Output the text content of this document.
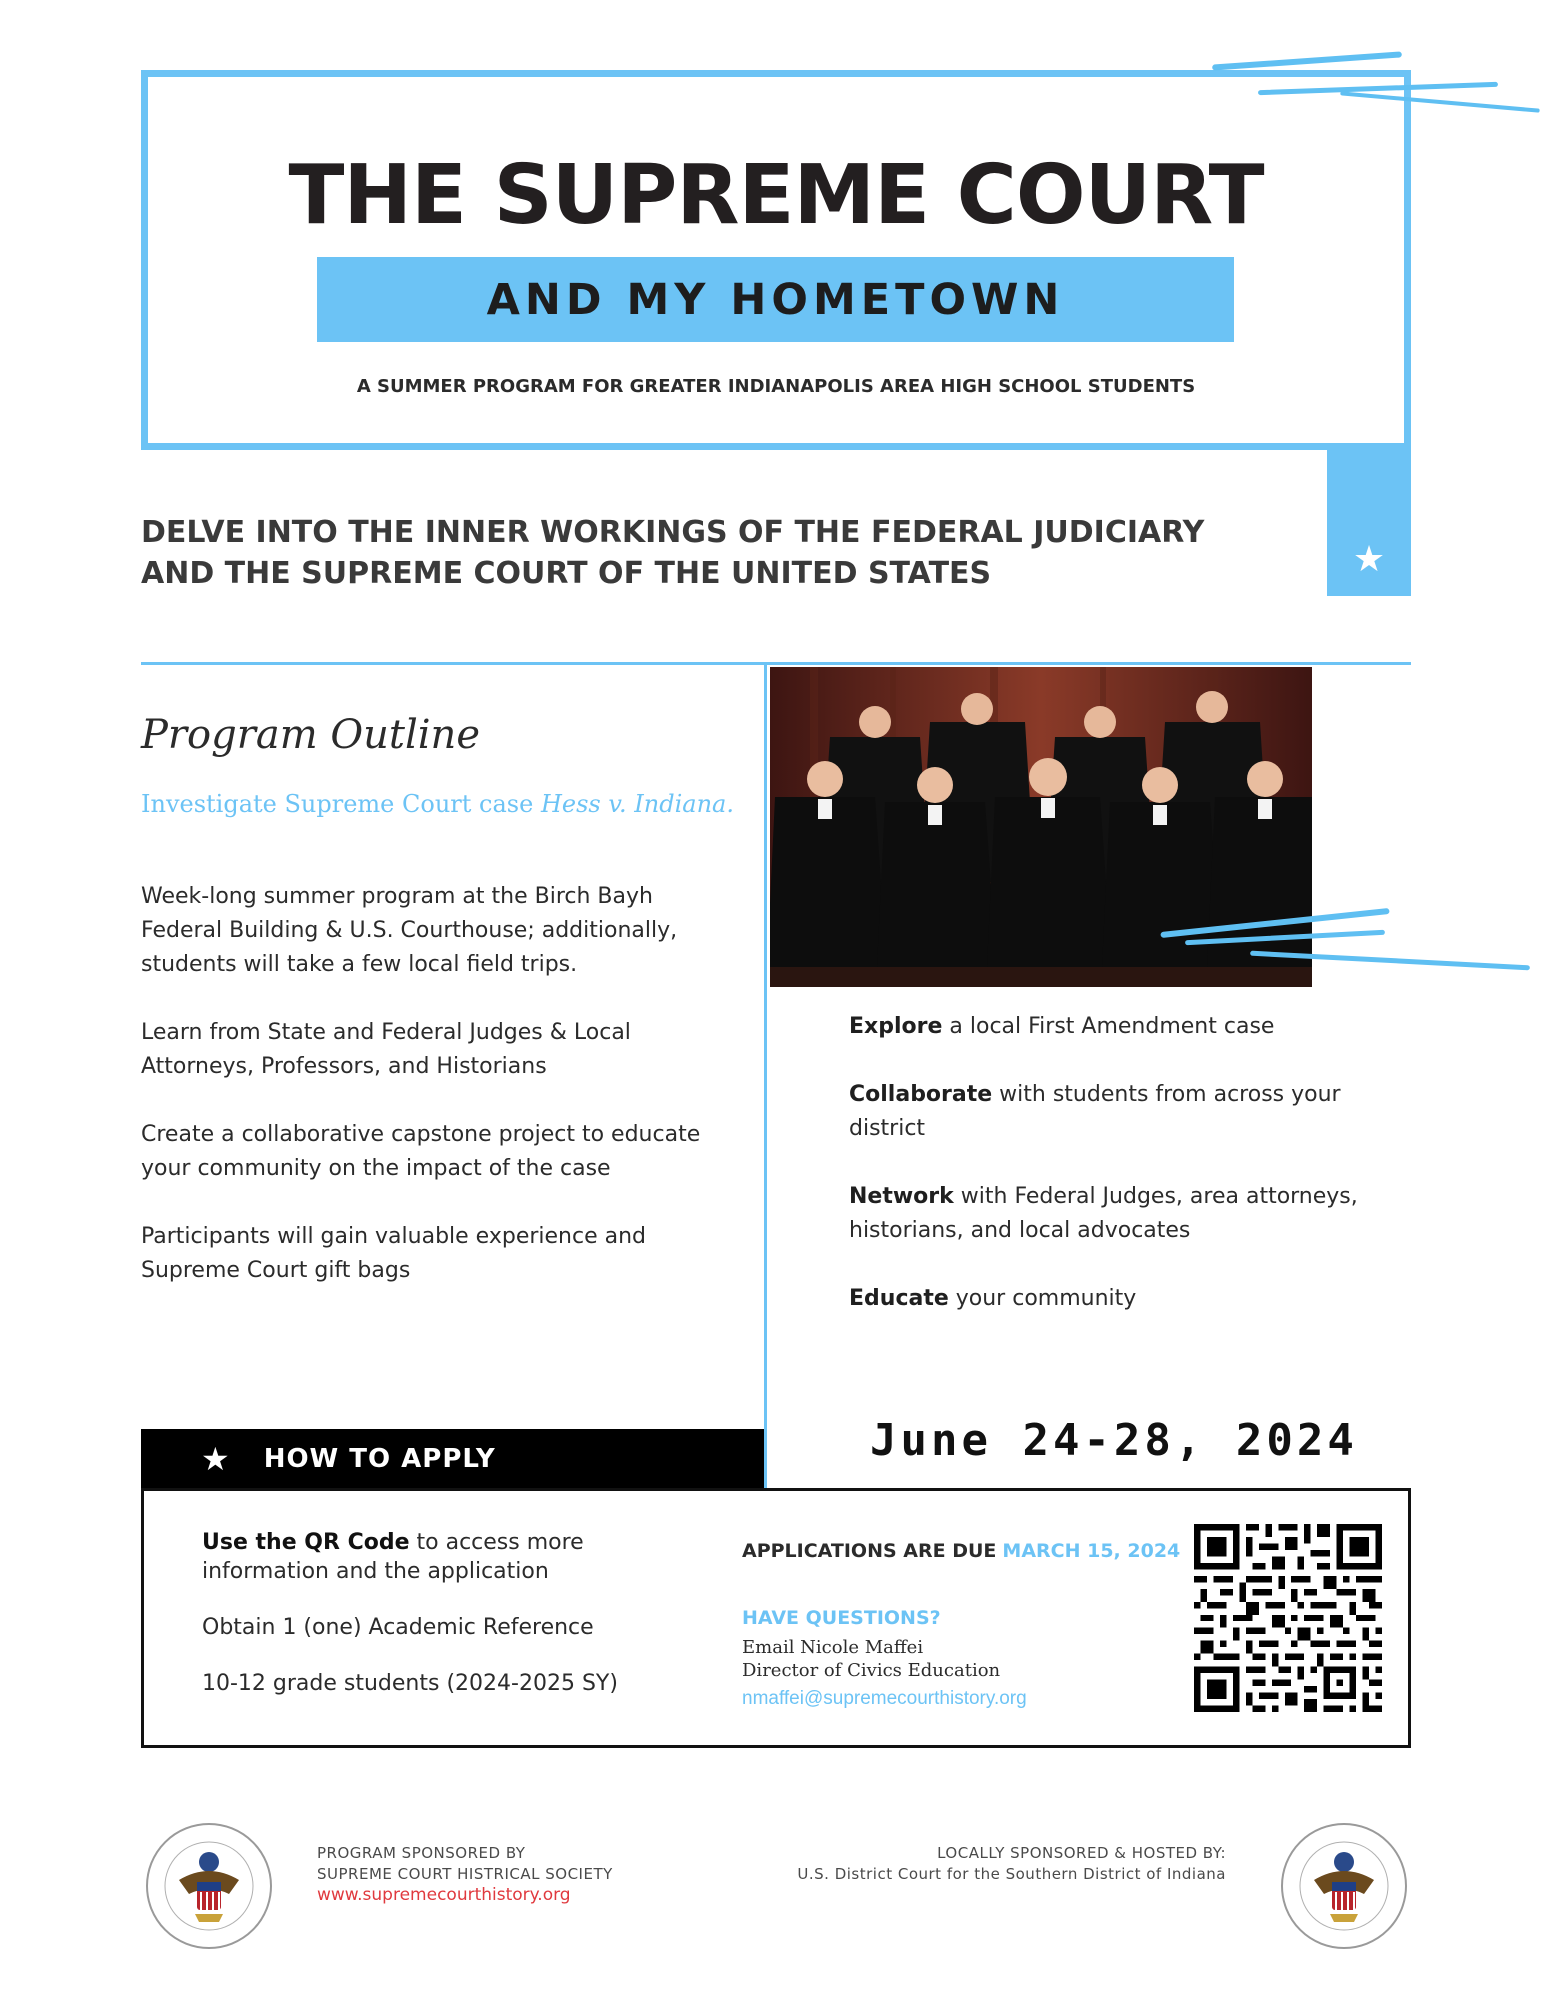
THE SUPREME COURT
AND MY HOMETOWN
A SUMMER PROGRAM FOR GREATER INDIANAPOLIS AREA HIGH SCHOOL STUDENTS
★
DELVE INTO THE INNER WORKINGS OF THE FEDERAL JUDICIARY
AND THE SUPREME COURT OF THE UNITED STATES
Program Outline
Investigate Supreme Court case Hess v. Indiana.

Week-long summer program at the Birch Bayh Federal Building & U.S. Courthouse; additionally, students will take a few local field trips.

Learn from State and Federal Judges & Local Attorneys, Professors, and Historians

Create a collaborative capstone project to educate your community on the impact of the case

Participants will gain valuable experience and Supreme Court gift bags

Explore a local First Amendment case

Collaborate with students from across your district

Network with Federal Judges, area attorneys, historians, and local advocates

Educate your community

★ HOW TO APPLY	June 24-28, 2024

Use the QR Code to access more information and the application

Obtain 1 (one) Academic Reference

10-12 grade students (2024-2025 SY)

APPLICATIONS ARE DUE MARCH 15, 2024
HAVE QUESTIONS?
Email Nicole Maffei
Director of Civics Education
nmaffei@supremecourthistory.org
PROGRAM SPONSORED BY
SUPREME COURT HISTRICAL SOCIETY
www.supremecourthistory.org
LOCALLY SPONSORED & HOSTED BY:
U.S. District Court for the Southern District of Indiana
